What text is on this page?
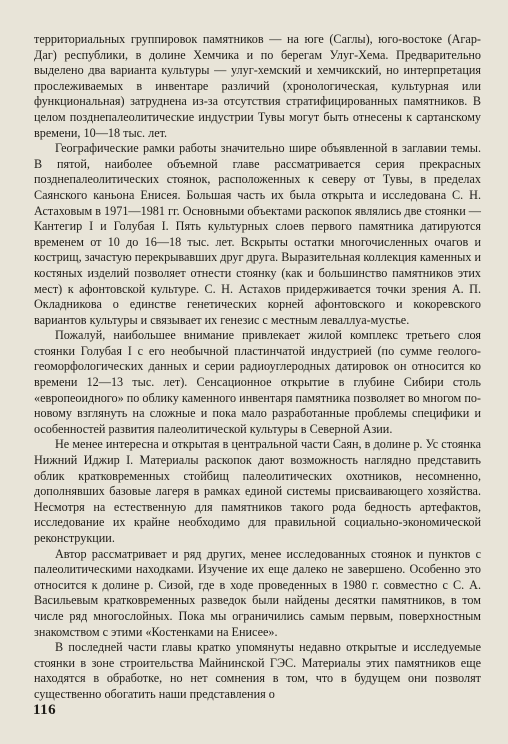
территориальных группировок памятников — на юге (Саглы), юго-востоке (Агар-Даг) республики, в долине Хемчика и по берегам Улуг-Хема. Предварительно выделено два варианта культуры — улуг-хемский и хемчикский, но интерпретация прослеживаемых в инвентаре различий (хронологическая, культурная или функциональная) затруднена из-за отсутствия стратифицированных памятников. В целом позднепалеолитические индустрии Тувы могут быть отнесены к сартанскому времени, 10—18 тыс. лет.

Географические рамки работы значительно шире объявленной в заглавии темы. В пятой, наиболее объемной главе рассматривается серия прекрасных позднепалеолитических стоянок, расположенных к северу от Тувы, в пределах Саянского каньона Енисея. Большая часть их была открыта и исследована С. Н. Астаховым в 1971—1981 гг. Основными объектами раскопок являлись две стоянки — Кантегир I и Голубая I. Пять культурных слоев первого памятника датируются временем от 10 до 16—18 тыс. лет. Вскрыты остатки многочисленных очагов и кострищ, зачастую перекрывавших друг друга. Выразительная коллекция каменных и костяных изделий позволяет отнести стоянку (как и большинство памятников этих мест) к афонтовской культуре. С. Н. Астахов придерживается точки зрения А. П. Окладникова о единстве генетических корней афонтовского и кокоревского вариантов культуры и связывает их генезис с местным леваллуа-мустье.

Пожалуй, наибольшее внимание привлекает жилой комплекс третьего слоя стоянки Голубая I с его необычной пластинчатой индустрией (по сумме геолого-геоморфологических данных и серии радиоуглеродных датировок он относится ко времени 12—13 тыс. лет). Сенсационное открытие в глубине Сибири столь «европеоидного» по облику каменного инвентаря памятника позволяет во многом по-новому взглянуть на сложные и пока мало разработанные проблемы специфики и особенностей развития палеолитической культуры в Северной Азии.

Не менее интересна и открытая в центральной части Саян, в долине р. Ус стоянка Нижний Иджир I. Материалы раскопок дают возможность наглядно представить облик кратковременных стойбищ палеолитических охотников, несомненно, дополнявших базовые лагеря в рамках единой системы присваивающего хозяйства. Несмотря на естественную для памятников такого рода бедность артефактов, исследование их крайне необходимо для правильной социально-экономической реконструкции.

Автор рассматривает и ряд других, менее исследованных стоянок и пунктов с палеолитическими находками. Изучение их еще далеко не завершено. Особенно это относится к долине р. Сизой, где в ходе проведенных в 1980 г. совместно с С. А. Васильевым кратковременных разведок были найдены десятки памятников, в том числе ряд многослойных. Пока мы ограничились самым первым, поверхностным знакомством с этими «Костенками на Енисее».

В последней части главы кратко упомянуты недавно открытые и исследуемые стоянки в зоне строительства Майнинской ГЭС. Материалы этих памятников еще находятся в обработке, но нет сомнения в том, что в будущем они позволят существенно обогатить наши представления о

116
